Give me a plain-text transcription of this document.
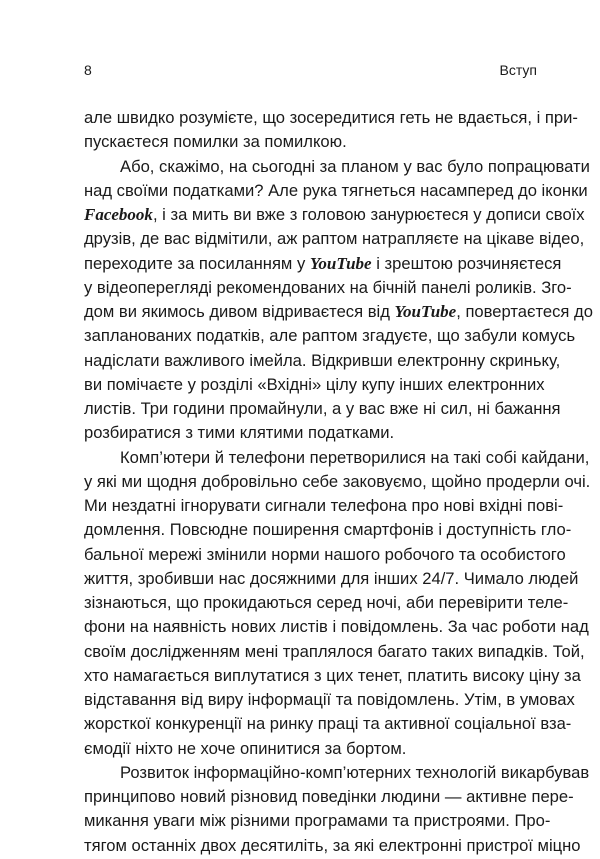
8	Вступ
але швидко розумієте, що зосередитися геть не вдається, і при-
пускаєтеся помилки за помилкою.
Або, скажімо, на сьогодні за планом у вас було попрацювати
над своїми податками? Але рука тягнеться насамперед до іконки
Facebook, і за мить ви вже з головою занурюєтеся у дописи своїх
друзів, де вас відмітили, аж раптом натрапляєте на цікаве відео,
переходите за посиланням у YouTube і зрештою розчиняєтеся
у відеоперегляді рекомендованих на бічній панелі роликів. Зго-
дом ви якимось дивом відриваєтеся від YouTube, повертаєтеся до
запланованих податків, але раптом згадуєте, що забули комусь
надіслати важливого імейла. Відкривши електронну скриньку,
ви помічаєте у розділі «Вхідні» цілу купу інших електронних
листів. Три години промайнули, а у вас вже ні сил, ні бажання
розбиратися з тими клятими податками.
Комп’ютери й телефони перетворилися на такі собі кайдани,
у які ми щодня добровільно себе заковуємо, щойно продерли очі.
Ми нездатні ігнорувати сигнали телефона про нові вхідні пові-
домлення. Повсюдне поширення смартфонів і доступність гло-
бальної мережі змінили норми нашого робочого та особистого
життя, зробивши нас досяжними для інших 24/7. Чимало людей
зізнаються, що прокидаються серед ночі, аби перевірити теле-
фони на наявність нових листів і повідомлень. За час роботи над
своїм дослідженням мені траплялося багато таких випадків. Той,
хто намагається виплутатися з цих тенет, платить високу ціну за
відставання від виру інформації та повідомлень. Утім, в умовах
жорсткої конкуренції на ринку праці та активної соціальної вза-
ємодії ніхто не хоче опинитися за бортом.
Розвиток інформаційно-комп’ютерних технологій викарбував
принципово новий різновид поведінки людини — активне пере-
микання уваги між різними програмами та пристроями. Про-
тягом останніх двох десятиліть, за які електронні пристрої міцно
